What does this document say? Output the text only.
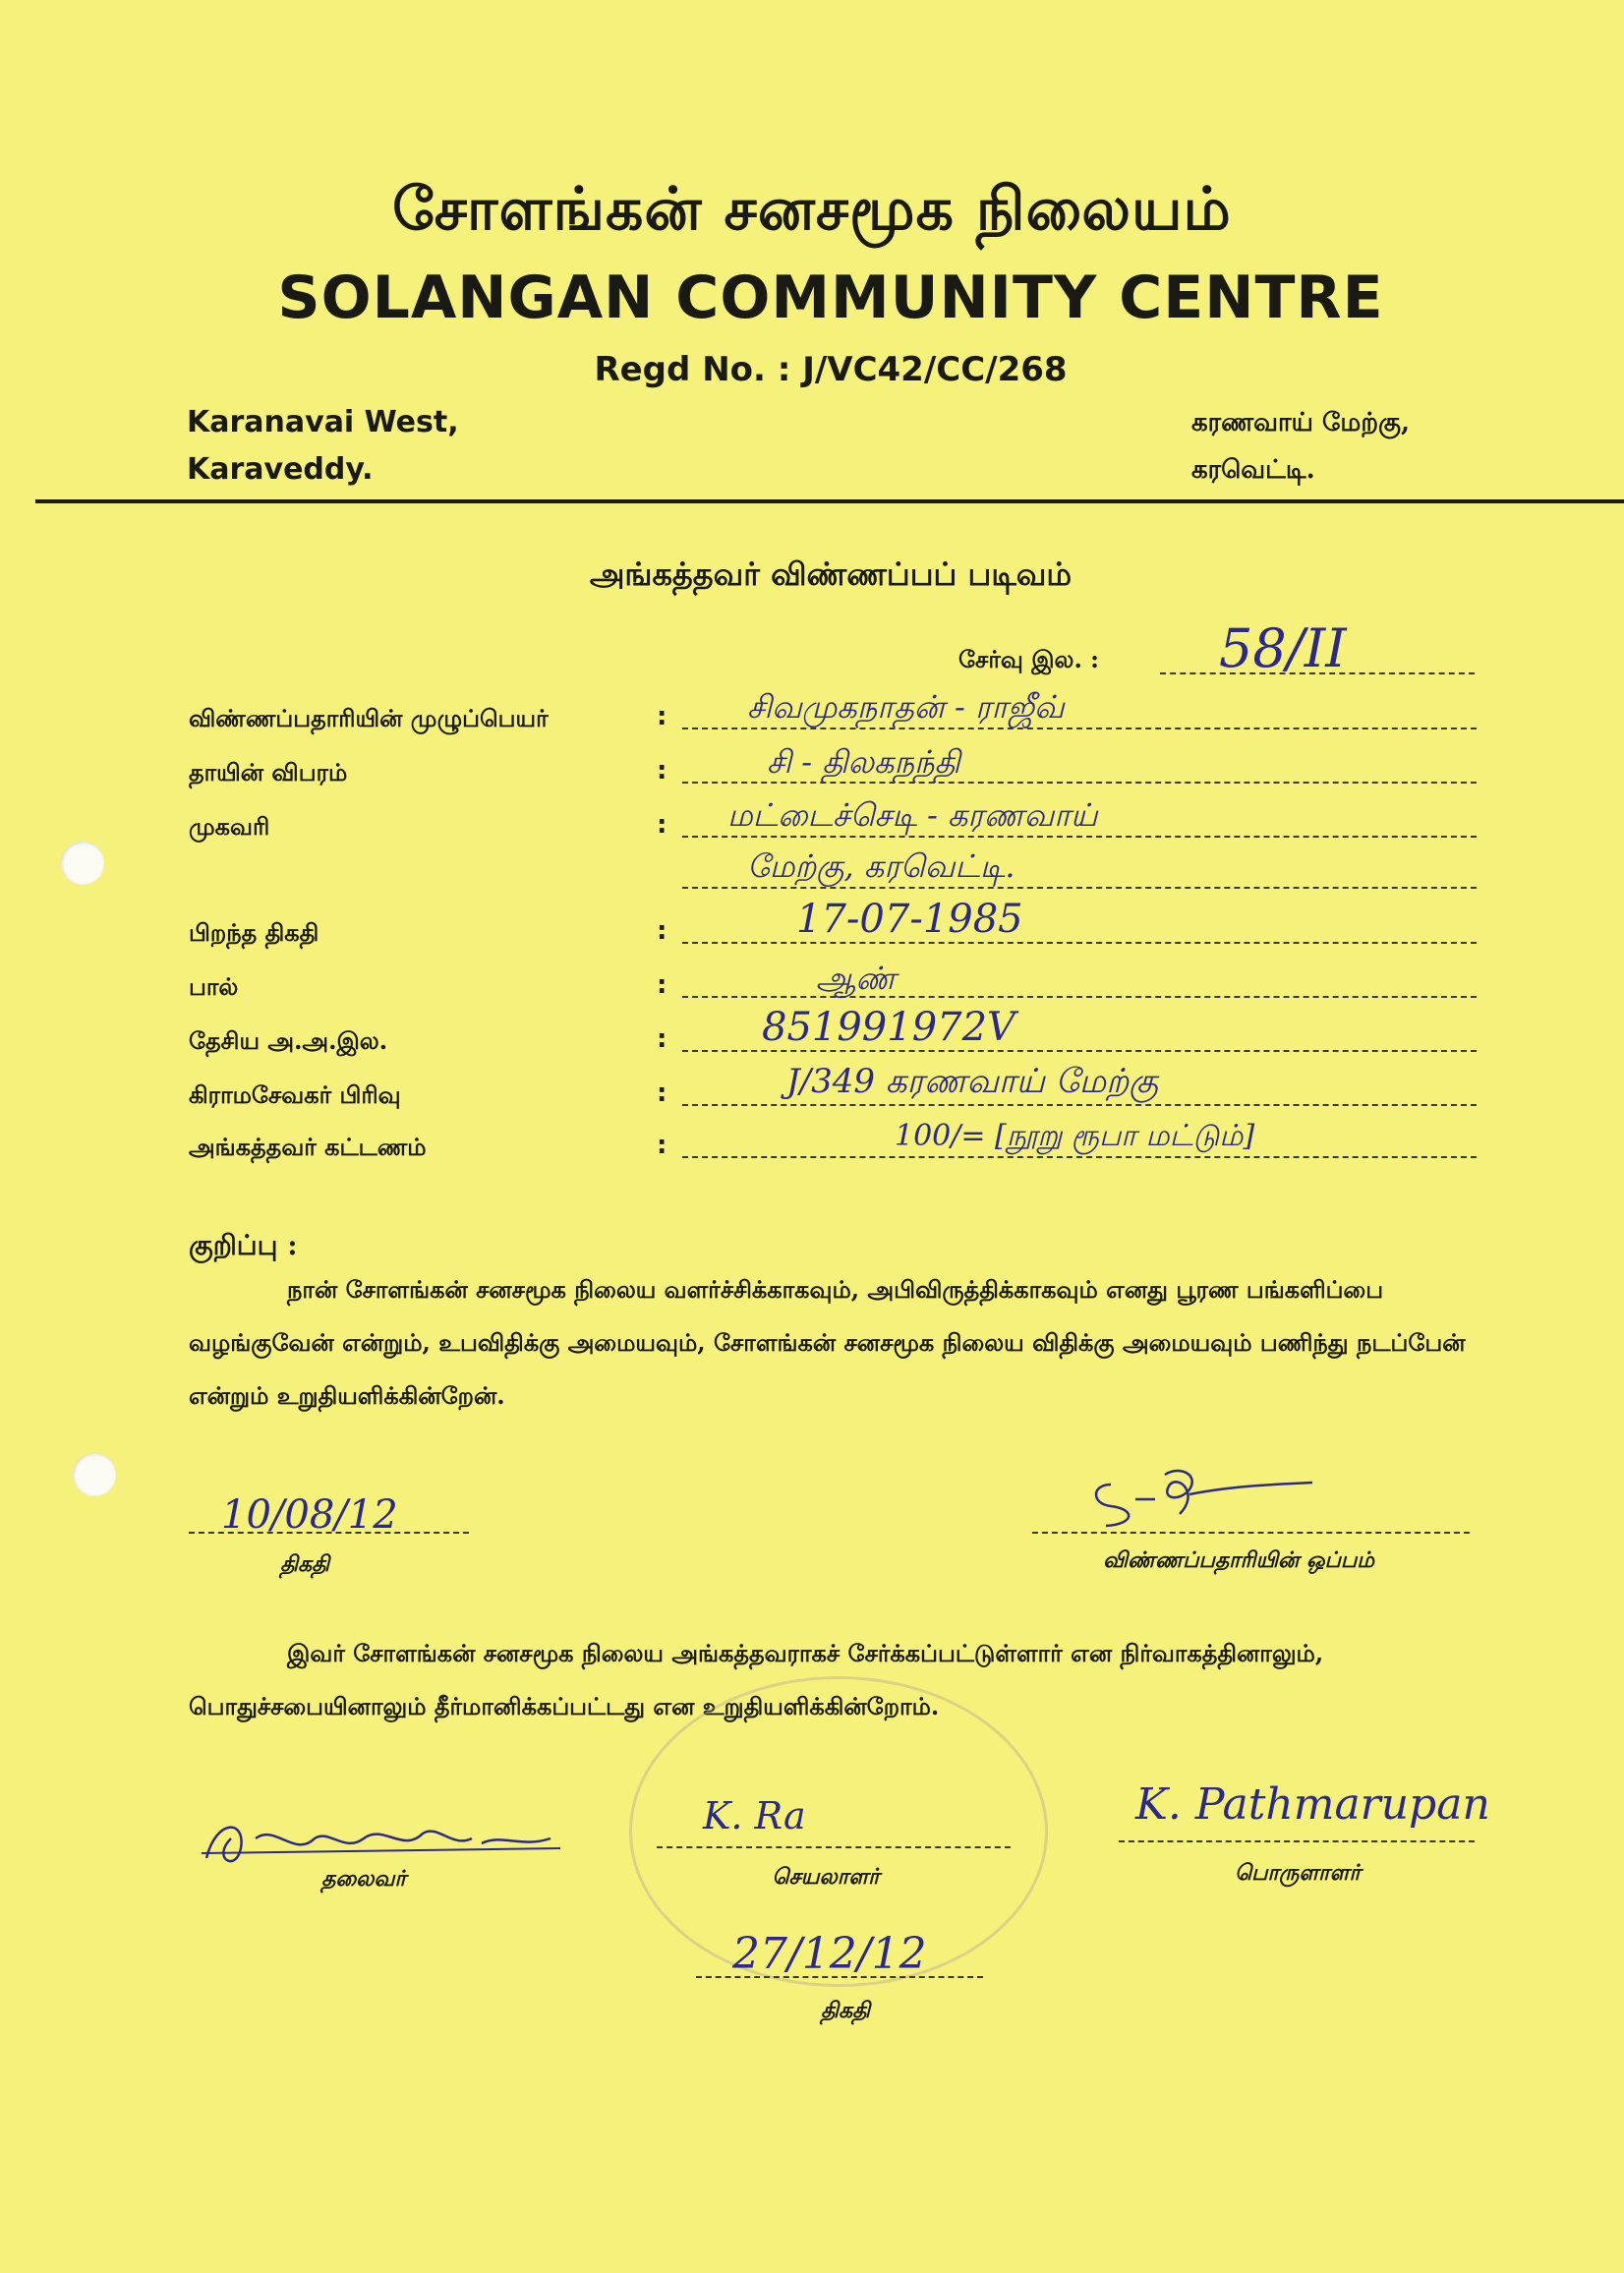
சோளங்கன் சனசமூக நிலையம்
SOLANGAN COMMUNITY CENTRE
Regd No. : J/VC42/CC/268
Karanavai West,
Karaveddy.
கரணவாய் மேற்கு,
கரவெட்டி.
அங்கத்தவர் விண்ணப்பப் படிவம்
சேர்வு இல. : 58/II
விண்ணப்பதாரியின் முழுப்பெயர்	:	சிவமுகநாதன் - ராஜீவ்
தாயின் விபரம்	:	சி - திலகநந்தி
முகவரி	: மட்டைச்செடி - கரணவாய்
மேற்கு, கரவெட்டி.
பிறந்த திகதி	:	17-07-1985
பால்	:	ஆண்
தேசிய அ.அ.இல.	: 851991972V
கிராமசேவகர் பிரிவு	:	J/349 கரணவாய் மேற்கு
அங்கத்தவர் கட்டணம்	:	100/= [நூறு ரூபா மட்டும்]
குறிப்பு :
நான் சோளங்கன் சனசமூக நிலைய வளர்ச்சிக்காகவும், அபிவிருத்திக்காகவும் எனது பூரண பங்களிப்பை வழங்குவேன் என்றும், உபவிதிக்கு அமையவும், சோளங்கன் சனசமூக நிலைய விதிக்கு அமையவும் பணிந்து நடப்பேன் என்றும் உறுதியளிக்கின்றேன்.
10/08/12
திகதி	விண்ணப்பதாரியின் ஒப்பம்
இவர் சோளங்கன் சனசமூக நிலைய அங்கத்தவராகச் சேர்க்கப்பட்டுள்ளார் என நிர்வாகத்தினாலும், பொதுச்சபையினாலும் தீர்மானிக்கப்பட்டது என உறுதியளிக்கின்றோம்.
தலைவர்
K. Ra
செயலாளர்
K. Pathmarupan
பொருளாளர்
27/12/12
திகதி
